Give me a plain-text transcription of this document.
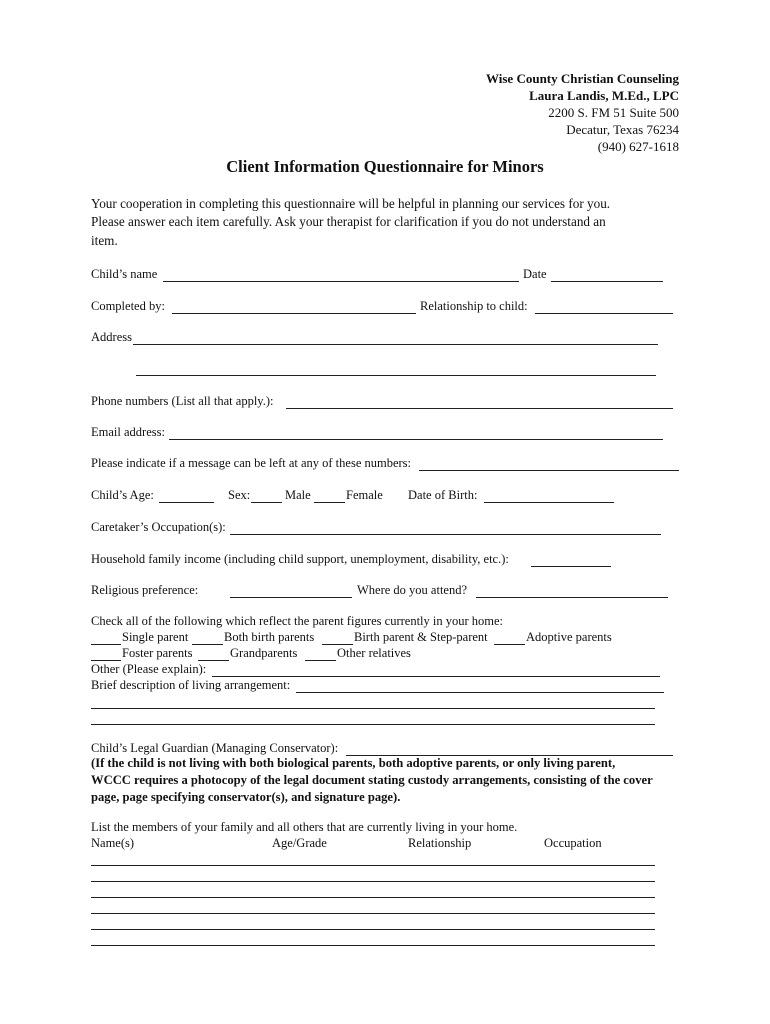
Wise County Christian Counseling
Laura Landis, M.Ed., LPC
2200 S. FM 51 Suite 500
Decatur, Texas 76234
(940) 627-1618
Client Information Questionnaire for Minors
Your cooperation in completing this questionnaire will be helpful in planning our services for you.
Please answer each item carefully. Ask your therapist for clarification if you do not understand an
item.
Child’s name	Date
Completed by:	Relationship to child:
Address
Phone numbers (List all that apply.):
Email address:
Please indicate if a message can be left at any of these numbers:
Child’s Age:	Sex:	Male	Female Date of Birth:
Caretaker’s Occupation(s):
Household family income (including child support, unemployment, disability, etc.):
Religious preference:	Where do you attend?
Check all of the following which reflect the parent figures currently in your home:
Single parent	Both birth parents	Birth parent & Step-parent	Adoptive parents
Foster parents	Grandparents	Other relatives
Other (Please explain):
Brief description of living arrangement:
Child’s Legal Guardian (Managing Conservator):
(If the child is not living with both biological parents, both adoptive parents, or only living parent,
WCCC requires a photocopy of the legal document stating custody arrangements, consisting of the cover
page, page specifying conservator(s), and signature page).
List the members of your family and all others that are currently living in your home.
Name(s)	Age/Grade	Relationship	Occupation
